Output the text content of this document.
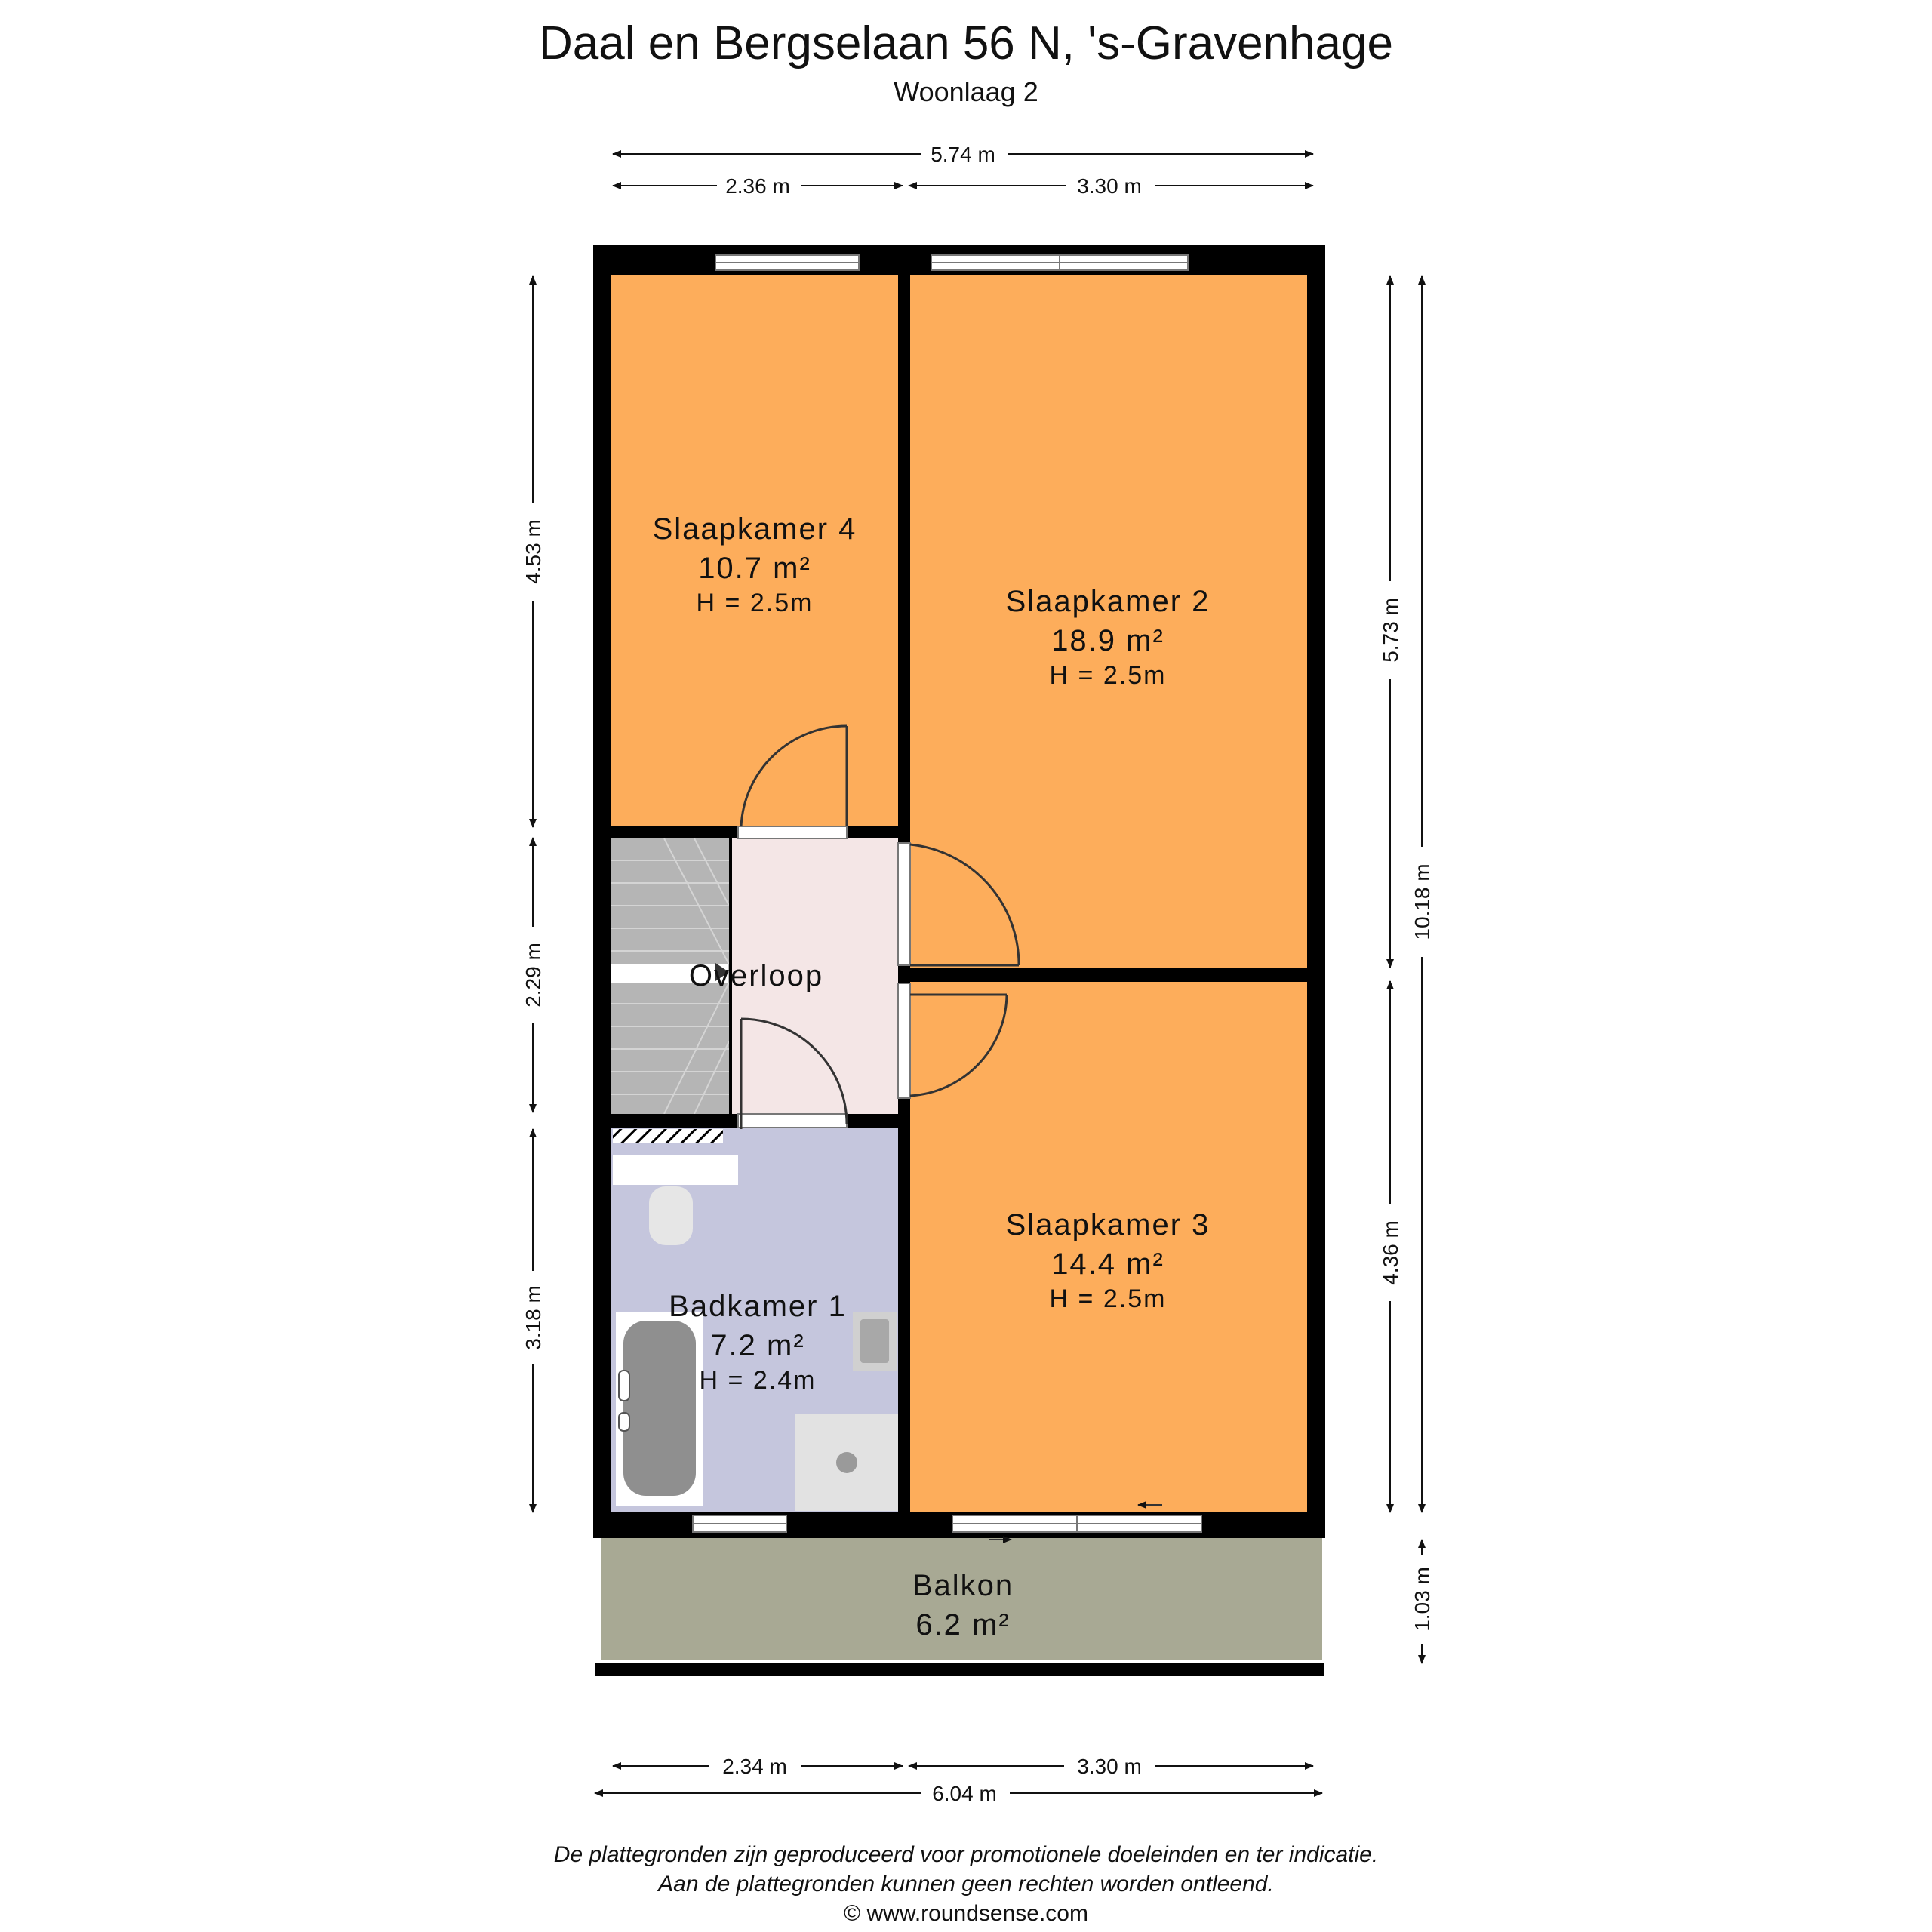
Daal en Bergselaan 56 N, 's-Gravenhage
Woonlaag 2
Slaapkamer 4
10.7 m²
H = 2.5m	Slaapkamer 2
18.9 m²
H = 2.5m
Slaapkamer 3
14.4 m²
H = 2.5m
Overloop
Badkamer 1
7.2 m²
H = 2.4m
Balkon
6.2 m²
5.74 m
2.36 m	3.30 m
4.53 m
2.29 m
3.18 m
5.73 m
4.36 m
10.18 m
1.03 m
2.34 m	3.30 m
6.04 m
De plattegronden zijn geproduceerd voor promotionele doeleinden en ter indicatie.
Aan de plattegronden kunnen geen rechten worden ontleend.
© www.roundsense.com
